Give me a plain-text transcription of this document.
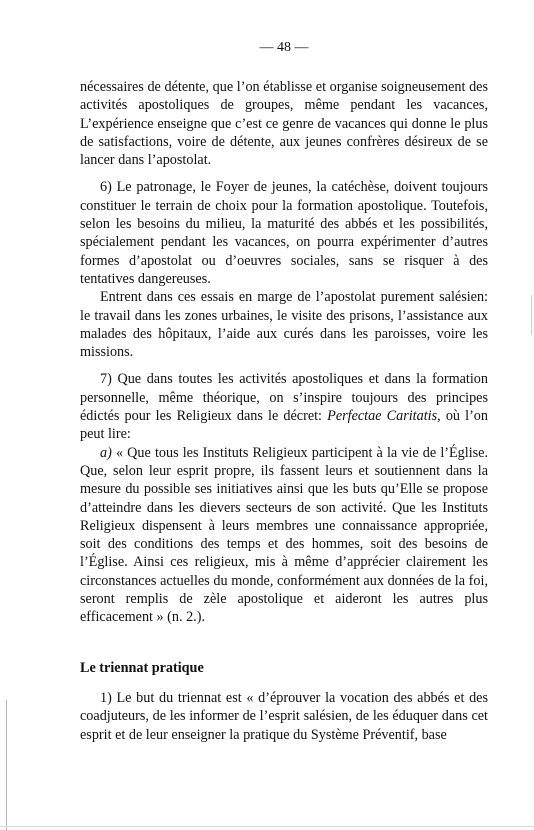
— 48 —

nécessaires de détente, que l’on établisse et organise soigneusement des activités apostoliques de groupes, même pendant les vacances, L’expérience enseigne que c’est ce genre de vacances qui donne le plus de satisfactions, voire de détente, aux jeunes confrères désireux de se lancer dans l’apostolat.

6) Le patronage, le Foyer de jeunes, la catéchèse, doivent toujours constituer le terrain de choix pour la formation apostolique. Toutefois, selon les besoins du milieu, la maturité des abbés et les possibilités, spécialement pendant les vacances, on pourra expérimenter d’autres formes d’apostolat ou d’oeuvres sociales, sans se risquer à des tentatives dangereuses.

Entrent dans ces essais en marge de l’apostolat purement salésien: le travail dans les zones urbaines, le visite des prisons, l’assistance aux malades des hôpitaux, l’aide aux curés dans les paroisses, voire les missions.

7) Que dans toutes les activités apostoliques et dans la formation personnelle, même théorique, on s’inspire toujours des principes édictés pour les Religieux dans le décret: Perfectae Caritatis, où l’on peut lire:

a) « Que tous les Instituts Religieux participent à la vie de l’Église. Que, selon leur esprit propre, ils fassent leurs et soutiennent dans la mesure du possible ses initiatives ainsi que les buts qu’Elle se propose d’atteindre dans les dievers secteurs de son activité. Que les Instituts Religieux dispensent à leurs membres une connaissance appropriée, soit des conditions des temps et des hommes, soit des besoins de l’Église. Ainsi ces religieux, mis à même d’apprécier clairement les circonstances actuelles du monde, conformément aux données de la foi, seront remplis de zèle apostolique et aideront les autres plus efficacement » (n. 2.).

Le triennat pratique

1) Le but du triennat est « d’éprouver la vocation des abbés et des coadjuteurs, de les informer de l’esprit salésien, de les éduquer dans cet esprit et de leur enseigner la pratique du Système Préventif, base
